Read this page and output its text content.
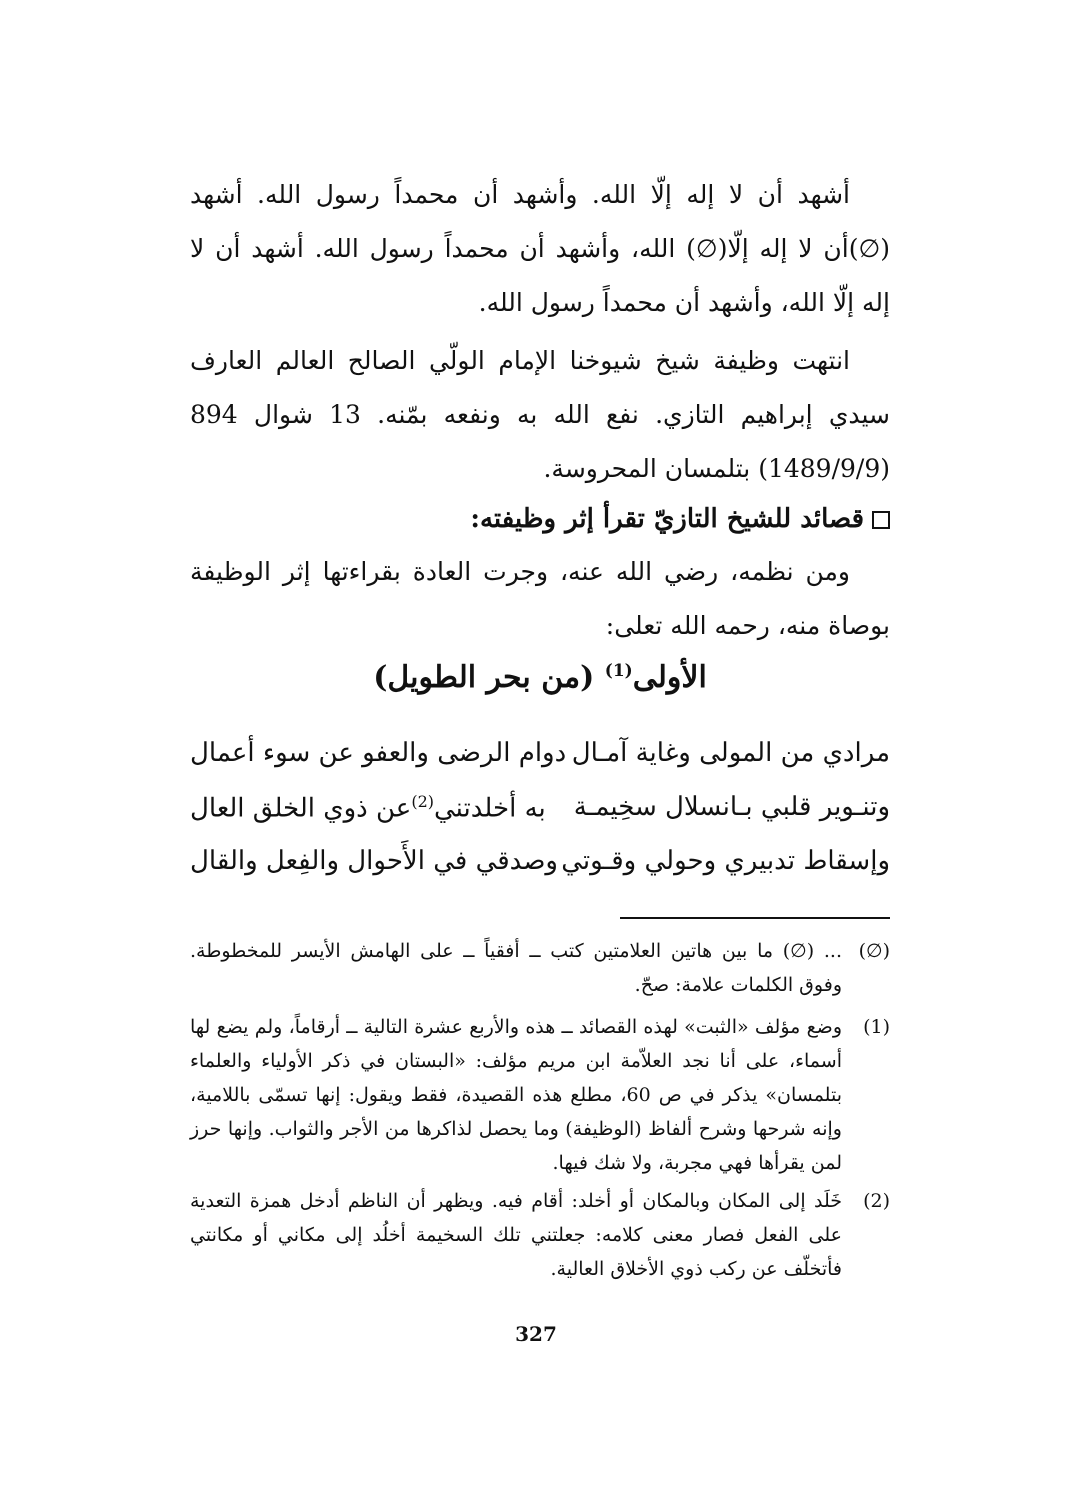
أشهد أن لا إله إلّا الله. وأشهد أن محمداً رسول الله. أشهد (∅)أن لا إله إلّا(∅) الله، وأشهد أن محمداً رسول الله. أشهد أن لا إله إلّا الله، وأشهد أن محمداً رسول الله.

انتهت وظيفة شيخ شيوخنا الإمام الولّي الصالح العالم العارف سيدي إبراهيم التازي. نفع الله به ونفعه بمّنه. 13 شوال 894 (1489/9/9) بتلمسان المحروسة.

قصائد للشيخ التازيّ تقرأ إثر وظيفته:

ومن نظمه، رضي الله عنه، وجرت العادة بقراءتها إثر الوظيفة بوصاة منه، رحمه الله تعلى:

الأولى$^{(1)}$ (من بحر الطويل)
مرادي من المولى وغاية آمـال
دوام الرضى والعفو عن سوء أعمال
وتنـوير قلبي بـانسلال سخِيمـة
به أخلدتني$^{(2)}$عن ذوي الخلق العال
وإسقاط تدبيري وحولي وقـوتي
وصدقي في الأَحوال والفِعل والقال
(∅)
... (∅) ما بين هاتين العلامتين كتب ــ أفقياً ــ على الهامش الأيسر للمخطوطة. وفوق الكلمات علامة: صحّ.
(1)
وضع مؤلف «الثبت» لهذه القصائد ــ هذه والأربع عشرة التالية ــ أرقاماً، ولم يضع لها أسماء، على أنا نجد العلاّمة ابن مريم مؤلف: «البستان في ذكر الأولياء والعلماء بتلمسان» يذكر في ص 60، مطلع هذه القصيدة، فقط ويقول: إنها تسمّى باللامية، وإنه شرحها وشرح ألفاظ (الوظيفة) وما يحصل لذاكرها من الأجر والثواب. وإنها حرز لمن يقرأها فهي مجربة، ولا شك فيها.
(2)
خَلَد إلى المكان وبالمكان أو أخلد: أقام فيه. ويظهر أن الناظم أدخل همزة التعدية على الفعل فصار معنى كلامه: جعلتني تلك السخيمة أخلُد إلى مكاني أو مكانتي فأتخلّف عن ركب ذوي الأخلاق العالية.
327
